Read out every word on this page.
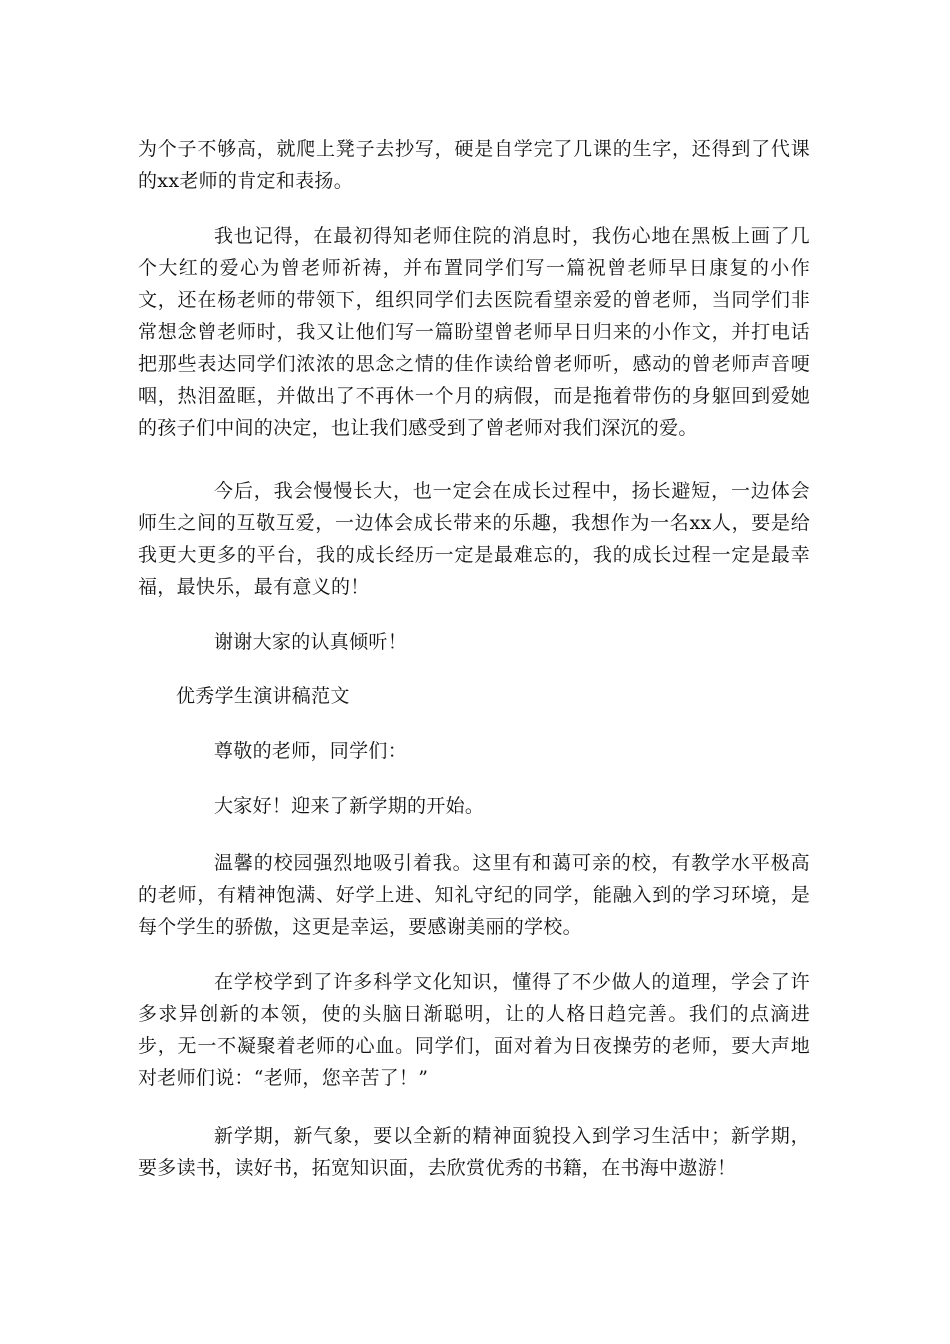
为个子不够高，就爬上凳子去抄写，硬是自学完了几课的生字，还得到了代课的xx老师的肯定和表扬。

我也记得，在最初得知老师住院的消息时，我伤心地在黑板上画了几个大红的爱心为曾老师祈祷，并布置同学们写一篇祝曾老师早日康复的小作文，还在杨老师的带领下，组织同学们去医院看望亲爱的曾老师，当同学们非常想念曾老师时，我又让他们写一篇盼望曾老师早日归来的小作文，并打电话把那些表达同学们浓浓的思念之情的佳作读给曾老师听，感动的曾老师声音哽咽，热泪盈眶，并做出了不再休一个月的病假，而是拖着带伤的身躯回到爱她的孩子们中间的决定，也让我们感受到了曾老师对我们深沉的爱。

今后，我会慢慢长大，也一定会在成长过程中，扬长避短，一边体会师生之间的互敬互爱，一边体会成长带来的乐趣，我想作为一名xx人，要是给我更大更多的平台，我的成长经历一定是最难忘的，我的成长过程一定是最幸福，最快乐，最有意义的！

谢谢大家的认真倾听！

优秀学生演讲稿范文

尊敬的老师，同学们：

大家好！迎来了新学期的开始。

温馨的校园强烈地吸引着我。这里有和蔼可亲的校，有教学水平极高的老师，有精神饱满、好学上进、知礼守纪的同学，能融入到的学习环境，是每个学生的骄傲，这更是幸运，要感谢美丽的学校。

在学校学到了许多科学文化知识，懂得了不少做人的道理，学会了许多求异创新的本领，使的头脑日渐聪明，让的人格日趋完善。我们的点滴进步，无一不凝聚着老师的心血。同学们，面对着为日夜操劳的老师，要大声地对老师们说：“老师，您辛苦了！”

新学期，新气象，要以全新的精神面貌投入到学习生活中；新学期，要多读书，读好书，拓宽知识面，去欣赏优秀的书籍，在书海中遨游！
